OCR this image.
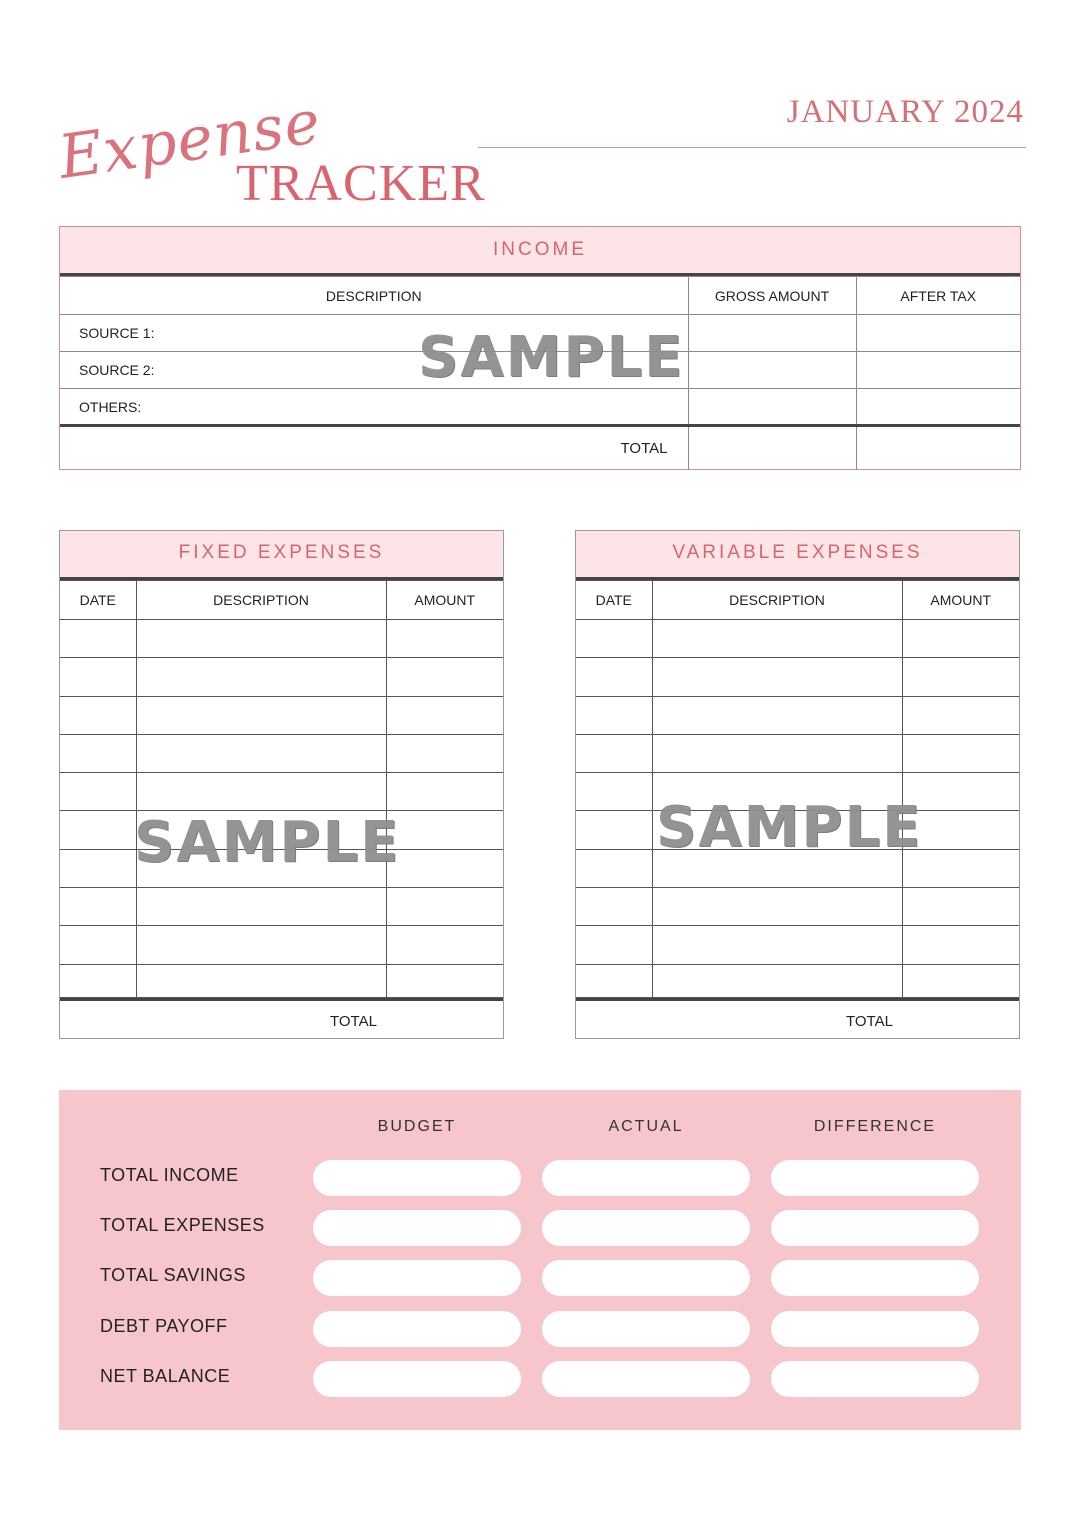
Expense
TRACKER
JANUARY 2024
INCOME
DESCRIPTION	GROSS AMOUNT	AFTER TAX
SOURCE 1:		
SOURCE 2:		
OTHERS:		
TOTAL		
SAMPLE
FIXED EXPENSES
DATE	DESCRIPTION	AMOUNT

TOTAL
SAMPLE
VARIABLE EXPENSES
DATE	DESCRIPTION	AMOUNT

TOTAL
SAMPLE
BUDGET	ACTUAL	DIFFERENCE
TOTAL INCOME
TOTAL EXPENSES
TOTAL SAVINGS
DEBT PAYOFF
NET BALANCE
